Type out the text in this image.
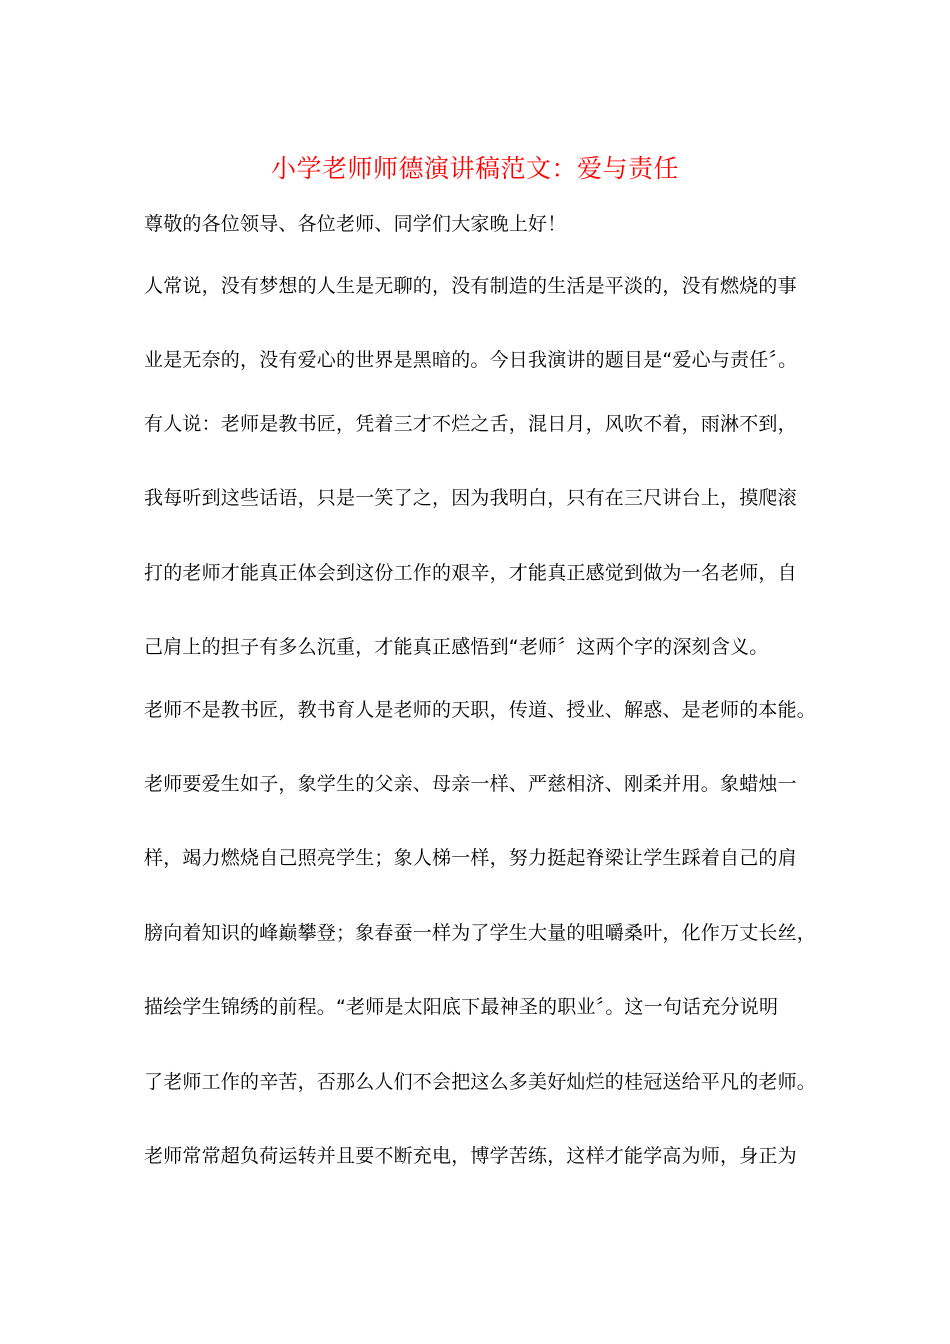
小学老师师德演讲稿范文：爱与责任
尊敬的各位领导、各位老师、同学们大家晚上好！
人常说，没有梦想的人生是无聊的，没有制造的生活是平淡的，没有燃烧的事
业是无奈的，没有爱心的世界是黑暗的。今日我演讲的题目是“爱心与责任〞。
有人说：老师是教书匠，凭着三才不烂之舌，混日月，风吹不着，雨淋不到，
我每听到这些话语，只是一笑了之，因为我明白，只有在三尺讲台上，摸爬滚
打的老师才能真正体会到这份工作的艰辛，才能真正感觉到做为一名老师，自
己肩上的担子有多么沉重，才能真正感悟到“老师〞这两个字的深刻含义。
老师不是教书匠，教书育人是老师的天职，传道、授业、解惑、是老师的本能。
老师要爱生如子，象学生的父亲、母亲一样、严慈相济、刚柔并用。象蜡烛一
样，竭力燃烧自己照亮学生；象人梯一样，努力挺起脊梁让学生踩着自己的肩
膀向着知识的峰巅攀登；象春蚕一样为了学生大量的咀嚼桑叶，化作万丈长丝，
描绘学生锦绣的前程。“老师是太阳底下最神圣的职业〞。这一句话充分说明
了老师工作的辛苦，否那么人们不会把这么多美好灿烂的桂冠送给平凡的老师。
老师常常超负荷运转并且要不断充电，博学苦练，这样才能学高为师，身正为
